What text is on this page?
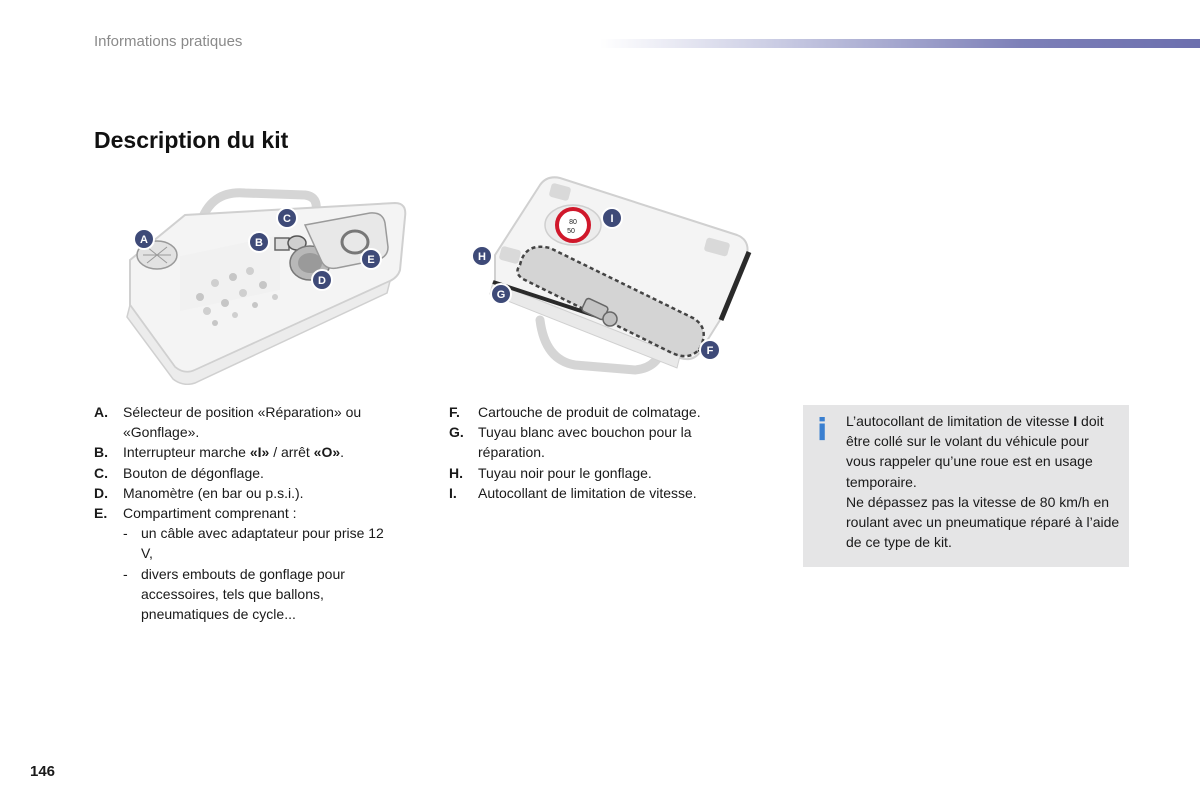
Informations pratiques
Description du kit
A	B
C
D
E
80
50
H
G
I
F
A.	Sélecteur de position «Réparation» ou «Gonflage».
B.	Interrupteur marche «I» / arrêt «O».
C.	Bouton de dégonflage.
D.	Manomètre (en bar ou p.s.i.).
E.	Compartiment comprenant :
- un câble avec adaptateur pour prise 12 V,
- divers embouts de gonflage pour accessoires, tels que ballons, pneumatiques de cycle...
F.	Cartouche de produit de colmatage.
G.	Tuyau blanc avec bouchon pour la réparation.
H.	Tuyau noir pour le gonflage.
I.	Autocollant de limitation de vitesse.
i L’autocollant de limitation de vitesse I doit être collé sur le volant du véhicule pour vous rappeler qu’une roue est en usage temporaire.
Ne dépassez pas la vitesse de 80 km/h en roulant avec un pneumatique réparé à l’aide de ce type de kit.
146
